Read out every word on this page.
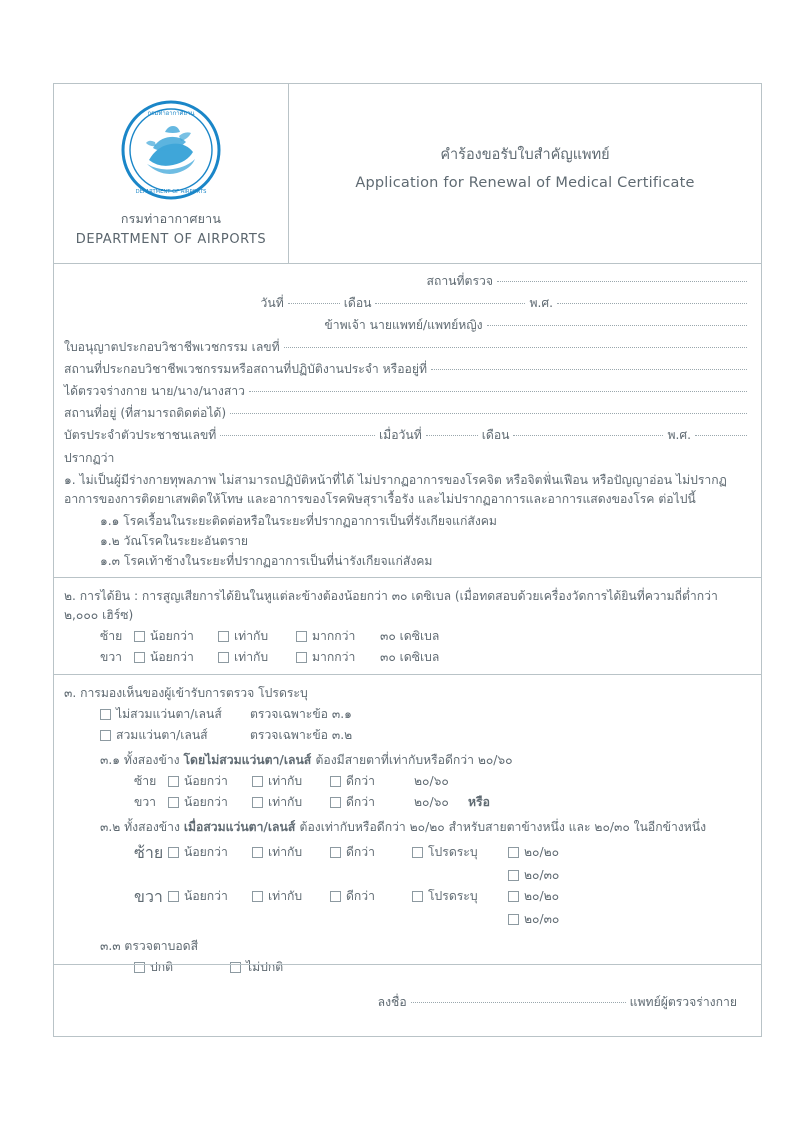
กรมท่าอากาศยาน
DEPARTMENT OF AIRPORTS
กรมท่าอากาศยาน
DEPARTMENT OF AIRPORTS
คำร้องขอรับใบสำคัญแพทย์
Application for Renewal of Medical Certificate
สถานที่ตรวจ
วันที่	เดือน	พ.ศ.
ข้าพเจ้า นายแพทย์/แพทย์หญิง
ใบอนุญาตประกอบวิชาชีพเวชกรรม เลขที่
สถานที่ประกอบวิชาชีพเวชกรรมหรือสถานที่ปฏิบัติงานประจำ หรืออยู่ที่
ได้ตรวจร่างกาย นาย/นาง/นางสาว
สถานที่อยู่ (ที่สามารถติดต่อได้)
บัตรประจำตัวประชาชนเลขที่	เมื่อวันที่	เดือน	พ.ศ.
ปรากฏว่า
๑. ไม่เป็นผู้มีร่างกายทุพลภาพ ไม่สามารถปฏิบัติหน้าที่ได้ ไม่ปรากฏอาการของโรคจิต หรือจิตฟั่นเฟือน หรือปัญญาอ่อน ไม่ปรากฏอาการของการติดยาเสพติดให้โทษ และอาการของโรคพิษสุราเรื้อรัง และไม่ปรากฏอาการและอาการแสดงของโรค ต่อไปนี้
๑.๑ โรคเรื้อนในระยะติดต่อหรือในระยะที่ปรากฏอาการเป็นที่รังเกียจแก่สังคม
๑.๒ วัณโรคในระยะอันตราย
๑.๓ โรคเท้าช้างในระยะที่ปรากฏอาการเป็นที่น่ารังเกียจแก่สังคม
๒. การได้ยิน : การสูญเสียการได้ยินในหูแต่ละข้างต้องน้อยกว่า ๓๐ เดซิเบล (เมื่อทดสอบด้วยเครื่องวัดการได้ยินที่ความถี่ต่ำกว่า ๒,๐๐๐ เฮิร์ซ)
ซ้าย	น้อยกว่า	เท่ากับ	มากกว่า ๓๐ เดซิเบล
ขวา	น้อยกว่า	เท่ากับ	มากกว่า ๓๐ เดซิเบล
๓. การมองเห็นของผู้เข้ารับการตรวจ โปรดระบุ
ไม่สวมแว่นตา/เลนส์ ตรวจเฉพาะข้อ ๓.๑
สวมแว่นตา/เลนส์	ตรวจเฉพาะข้อ ๓.๒
๓.๑ ทั้งสองข้าง โดยไม่สวมแว่นตา/เลนส์ ต้องมีสายตาที่เท่ากับหรือดีกว่า ๒๐/๖๐
ซ้าย	น้อยกว่า	เท่ากับ	ดีกว่า	๒๐/๖๐
ขวา	น้อยกว่า	เท่ากับ	ดีกว่า	๒๐/๖๐	หรือ
๓.๒ ทั้งสองข้าง เมื่อสวมแว่นตา/เลนส์ ต้องเท่ากับหรือดีกว่า ๒๐/๒๐ สำหรับสายตาข้างหนึ่ง และ ๒๐/๓๐ ในอีกข้างหนึ่ง
ซ้าย	น้อยกว่า	เท่ากับ	ดีกว่า	โปรดระบุ	๒๐/๒๐
๒๐/๓๐
ขวา	น้อยกว่า	เท่ากับ	ดีกว่า	โปรดระบุ	๒๐/๒๐
๒๐/๓๐
๓.๓ ตรวจตาบอดสี
ปกติ	ไม่ปกติ
ลงชื่อ	แพทย์ผู้ตรวจร่างกาย
